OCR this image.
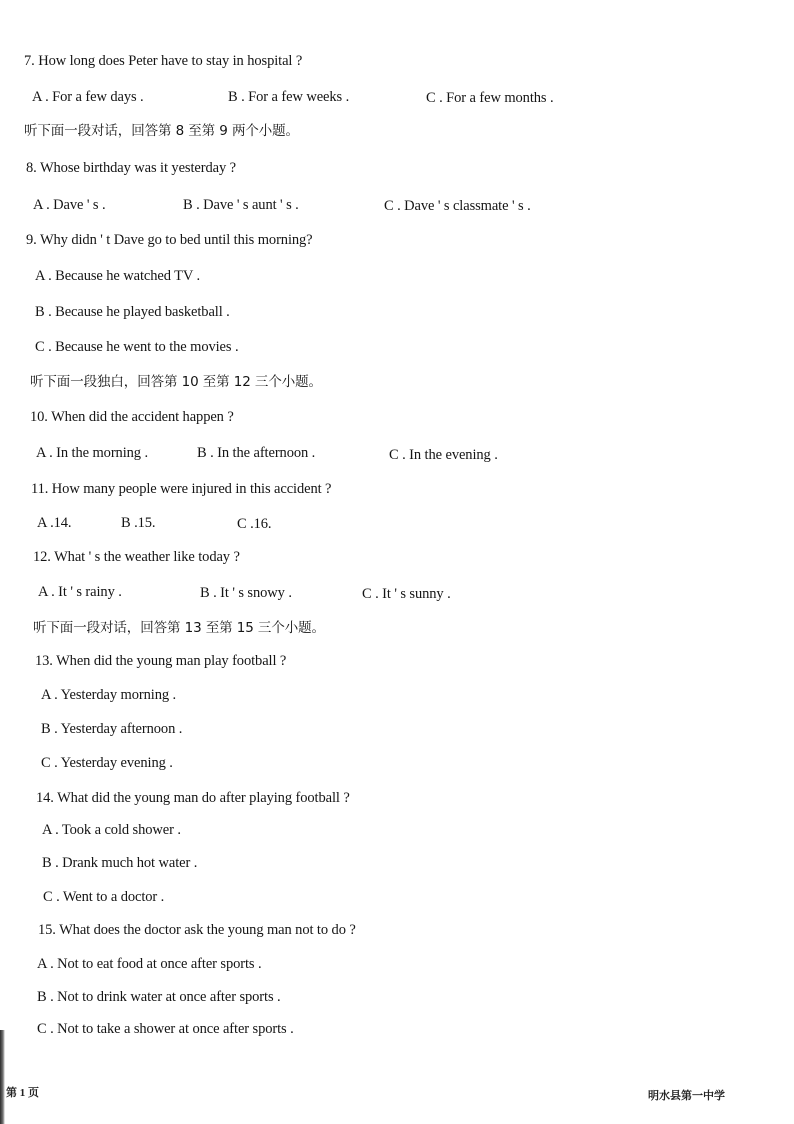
7. How long does Peter have to stay in hospital ?
A . For a few days .	B . For a few weeks .	C . For a few months .
听下面一段对话，回答第 8 至第 9 两个小题。
8. Whose birthday was it yesterday ?
A . Dave ' s .	B . Dave ' s aunt ' s .	C . Dave ' s classmate ' s .
9. Why didn ' t Dave go to bed until this morning?
A . Because he watched TV .
B . Because he played basketball .
C . Because he went to the movies .
听下面一段独白，回答第 10 至第 12 三个小题。
10. When did the accident happen ?
A . In the morning .	B . In the afternoon .	C . In the evening .
11. How many people were injured in this accident ?
A .14.	B .15.	C .16.
12. What ' s the weather like today ?
A . It ' s rainy .	B . It ' s snowy .	C . It ' s sunny .
听下面一段对话，回答第 13 至第 15 三个小题。
13. When did the young man play football ?
A . Yesterday morning .
B . Yesterday afternoon .
C . Yesterday evening .
14. What did the young man do after playing football ?
A . Took a cold shower .
B . Drank much hot water .
C . Went to a doctor .
15. What does the doctor ask the young man not to do ?
A . Not to eat food at once after sports .
B . Not to drink water at once after sports .
C . Not to take a shower at once after sports .
第 1 页	明水县第一中学
